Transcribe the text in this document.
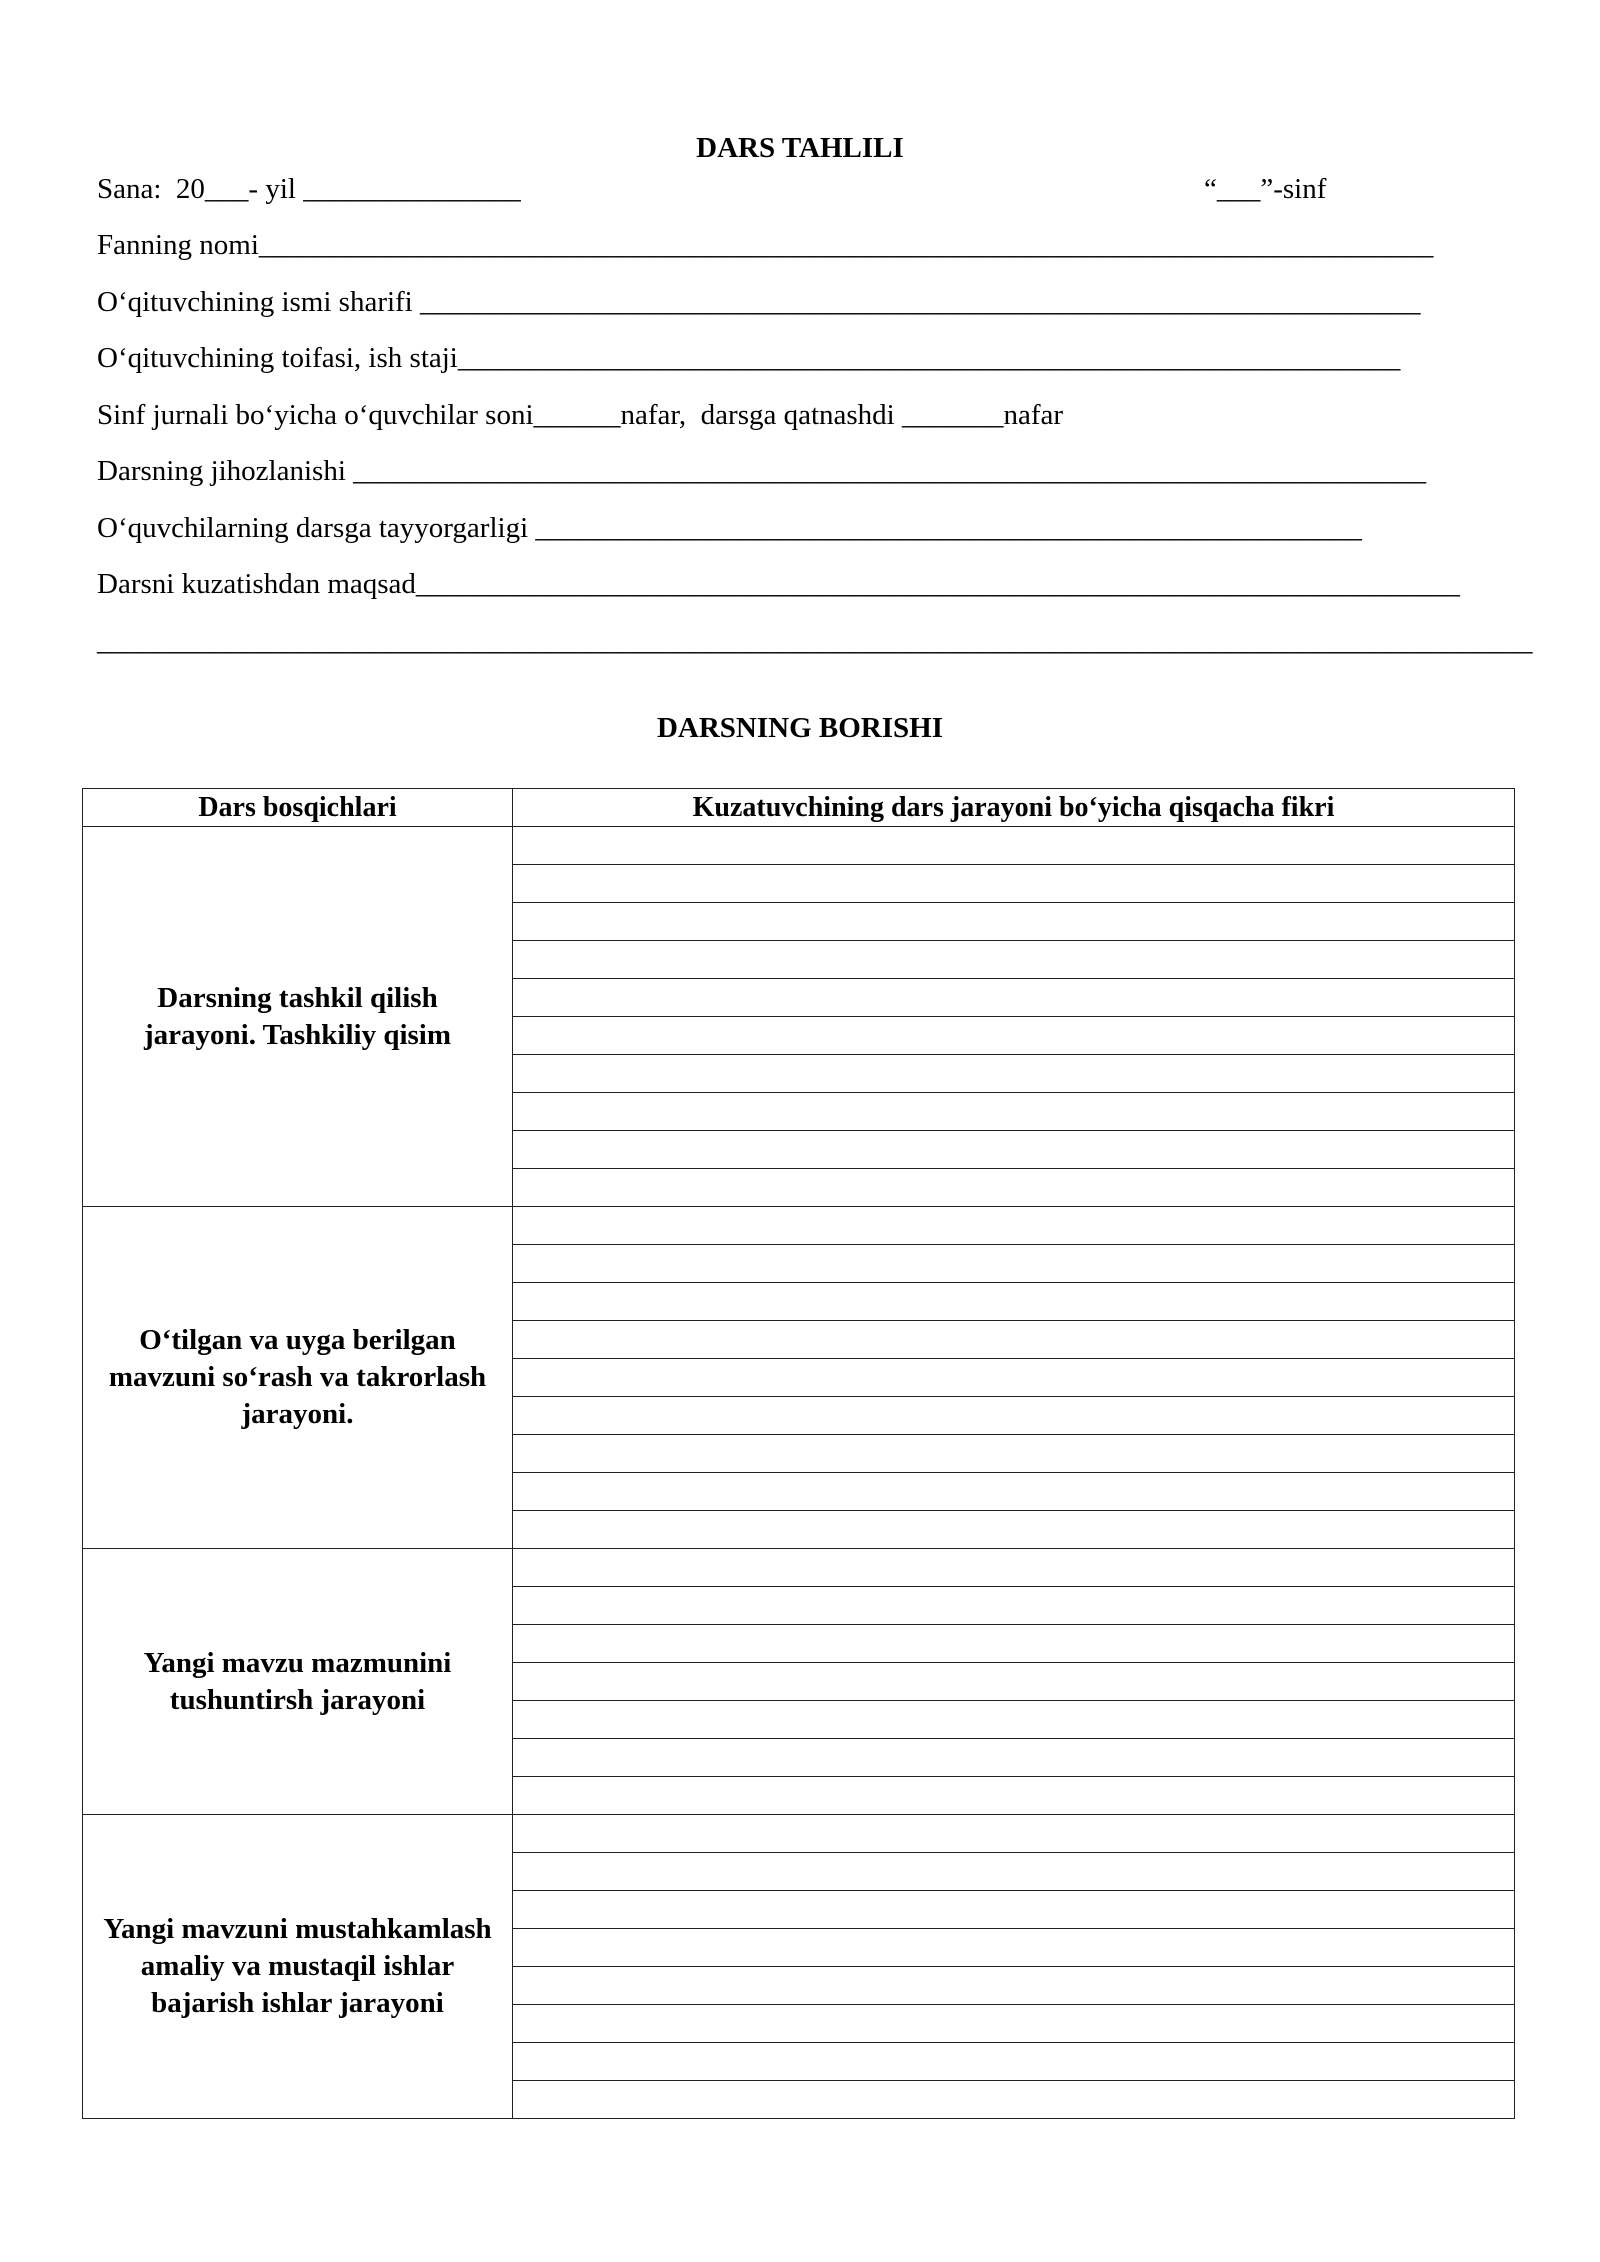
DARS TAHLILI
Sana:  20___- yil _______________	“___”-sinf
Fanning nomi_________________________________________________________________________________
O‘qituvchining ismi sharifi _____________________________________________________________________
O‘qituvchining toifasi, ish staji_________________________________________________________________
Sinf jurnali bo‘yicha o‘quvchilar soni______nafar,  darsga qatnashdi _______nafar
Darsning jihozlanishi __________________________________________________________________________
O‘quvchilarning darsga tayyorgarligi _________________________________________________________
Darsni kuzatishdan maqsad________________________________________________________________________
___________________________________________________________________________________________________
DARSNING BORISHI
Dars bosqichlari	Kuzatuvchining dars jarayoni bo‘yicha qisqacha fikri
Darsning tashkil qilish jarayoni. Tashkiliy qisim	

O‘tilgan va uyga berilgan mavzuni so‘rash va takrorlash jarayoni.	

Yangi mavzu mazmunini tushuntirsh jarayoni	

Yangi mavzuni mustahkamlash amaliy va mustaqil ishlar bajarish ishlar jarayoni	
